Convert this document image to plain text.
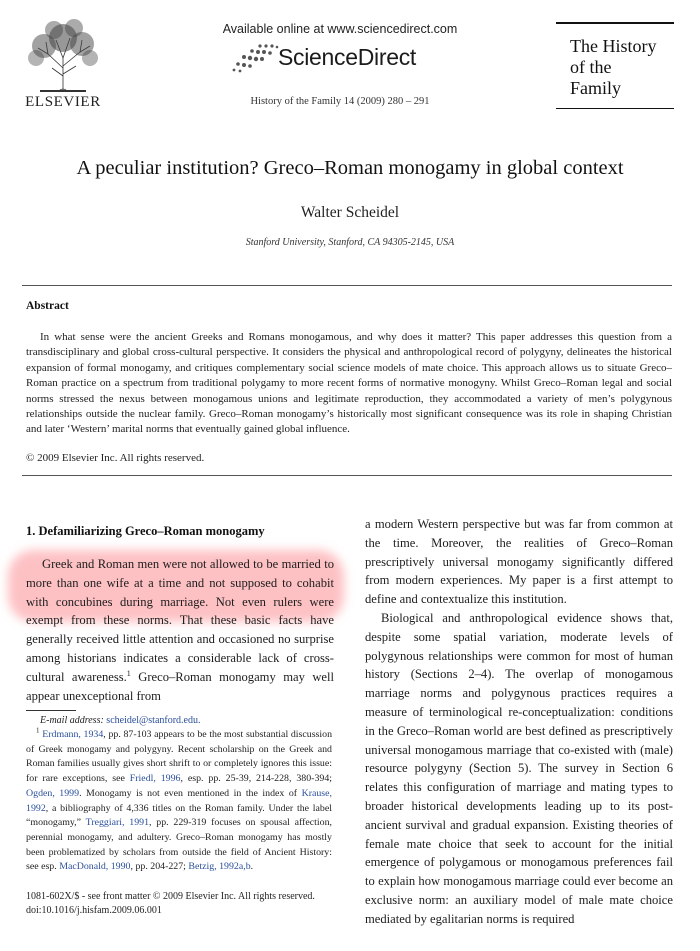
ELSEVIER
Available online at www.sciencedirect.com
ScienceDirect
History of the Family 14 (2009) 280 – 291
The History
of the
Family
A peculiar institution? Greco–Roman monogamy in global context
Walter Scheidel
Stanford University, Stanford, CA 94305-2145, USA
Abstract
In what sense were the ancient Greeks and Romans monogamous, and why does it matter? This paper addresses this question from a transdisciplinary and global cross-cultural perspective. It considers the physical and anthropological record of polygyny, delineates the historical expansion of formal monogamy, and critiques complementary social science models of mate choice. This approach allows us to situate Greco–Roman practice on a spectrum from traditional polygamy to more recent forms of normative monogyny. Whilst Greco–Roman legal and social norms stressed the nexus between monogamous unions and legitimate reproduction, they accommodated a variety of men’s polygynous relationships outside the nuclear family. Greco–Roman monogamy’s historically most significant consequence was its role in shaping Christian and later ‘Western’ marital norms that eventually gained global influence.
© 2009 Elsevier Inc. All rights reserved.
1. Defamiliarizing Greco–Roman monogamy
Greek and Roman men were not allowed to be married to more than one wife at a time and not supposed to cohabit with concubines during marriage. Not even rulers were exempt from these norms. That these basic facts have generally received little attention and occasioned no surprise among historians indicates a considerable lack of cross-cultural awareness.$^1$ Greco–Roman monogamy may well appear unexceptional from
E-mail address: scheidel@stanford.edu.
$^1$ Erdmann, 1934, pp. 87-103 appears to be the most substantial discussion of Greek monogamy and polygyny. Recent scholarship on the Greek and Roman families usually gives short shrift to or completely ignores this issue: for rare exceptions, see Friedl, 1996, esp. pp. 25-39, 214-228, 380-394; Ogden, 1999. Monogamy is not even mentioned in the index of Krause, 1992, a bibliography of 4,336 titles on the Roman family. Under the label “monogamy,” Treggiari, 1991, pp. 229-319 focuses on spousal affection, perennial monogamy, and adultery. Greco–Roman monogamy has mostly been problematized by scholars from outside the field of Ancient History: see esp. MacDonald, 1990, pp. 204-227; Betzig, 1992a,b.
1081-602X/$ - see front matter © 2009 Elsevier Inc. All rights reserved.
doi:10.1016/j.hisfam.2009.06.001

a modern Western perspective but was far from common at the time. Moreover, the realities of Greco–Roman prescriptively universal monogamy significantly differed from modern experiences. My paper is a first attempt to define and contextualize this institution.

Biological and anthropological evidence shows that, despite some spatial variation, moderate levels of polygynous relationships were common for most of human history (Sections 2–4). The overlap of monogamous marriage norms and polygynous practices requires a measure of terminological re-conceptualization: conditions in the Greco–Roman world are best defined as prescriptively universal monogamous marriage that co-existed with (male) resource polygyny (Section 5). The survey in Section 6 relates this configuration of marriage and mating types to broader historical developments leading up to its post-ancient survival and gradual expansion. Existing theories of female mate choice that seek to account for the initial emergence of polygamous or monogamous preferences fail to explain how monogamous marriage could ever become an exclusive norm: an auxiliary model of male mate choice mediated by egalitarian norms is required
